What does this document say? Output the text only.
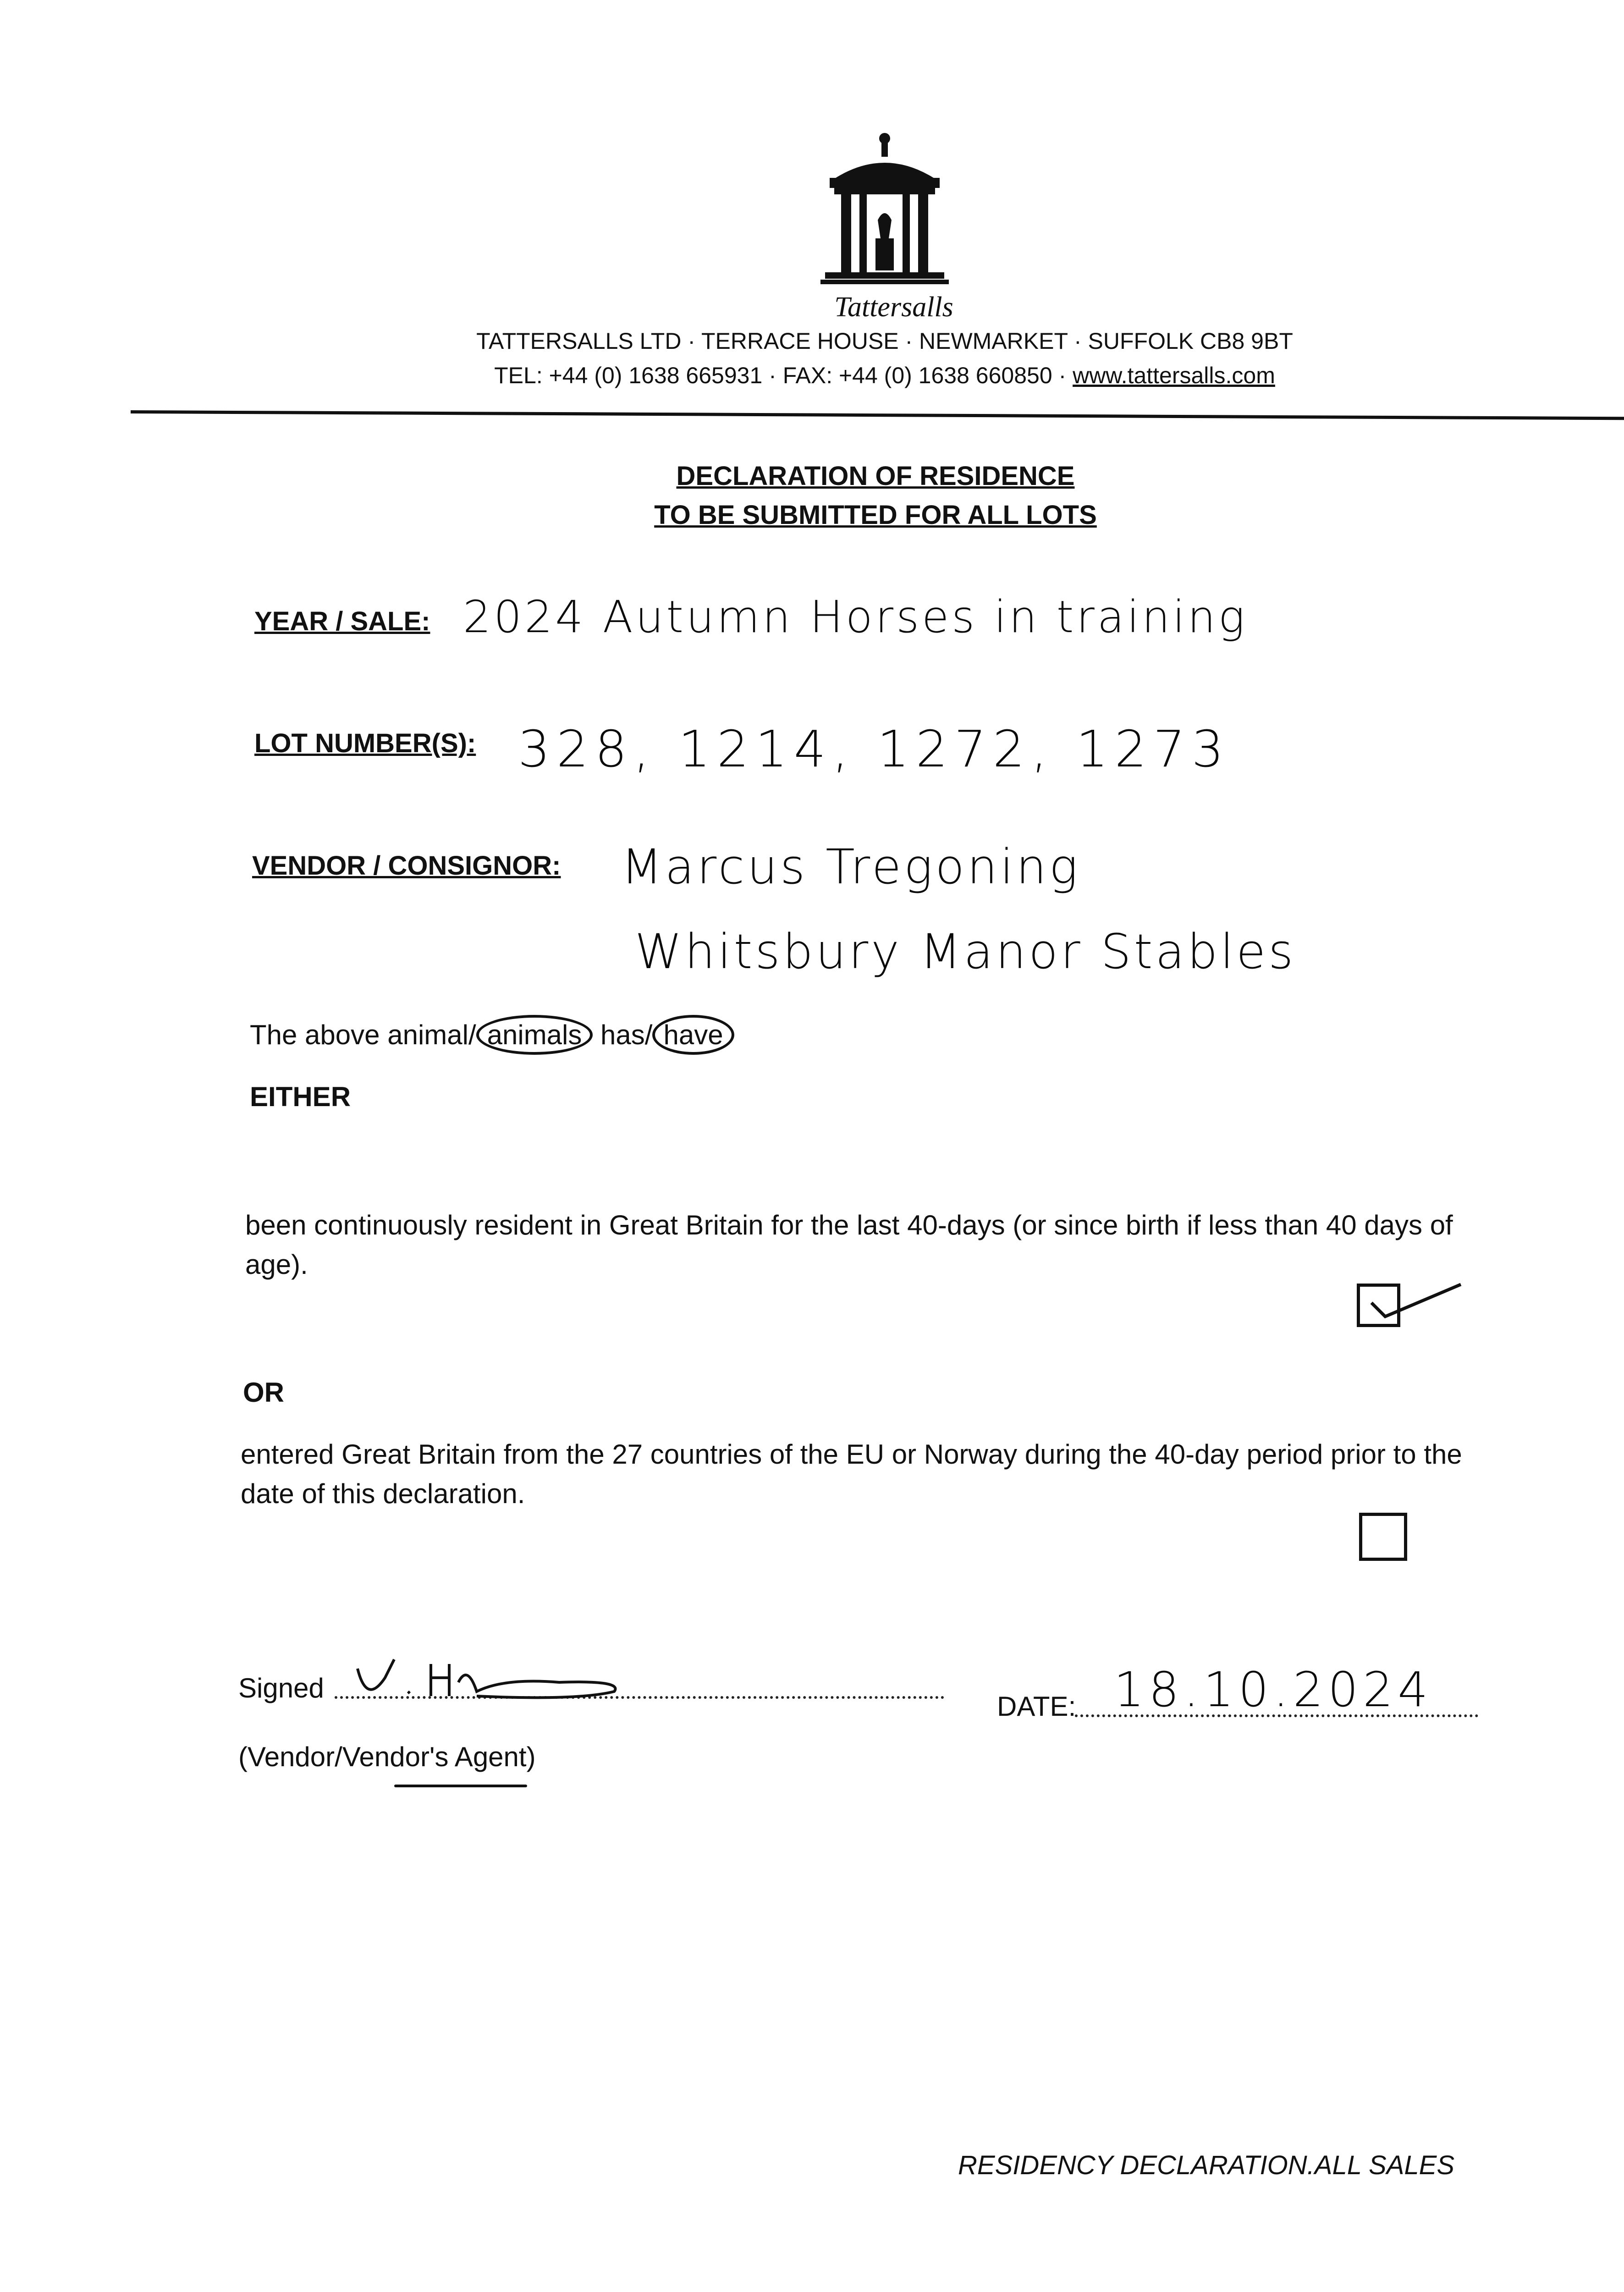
Tattersalls
TATTERSALLS LTD · TERRACE HOUSE · NEWMARKET · SUFFOLK CB8 9BT
TEL: +44 (0) 1638 665931 · FAX: +44 (0) 1638 660850 · www.tattersalls.com
DECLARATION OF RESIDENCE
TO BE SUBMITTED FOR ALL LOTS
YEAR / SALE: 2024 Autumn Horses in training
LOT NUMBER(S): 328, 1214, 1272, 1273
VENDOR / CONSIGNOR: Marcus Tregoning
Whitsbury Manor Stables
The above animal/ animals has/ have
EITHER
been continuously resident in Great Britain for the last 40-days (or since birth if less than 40 days of age).
OR
entered Great Britain from the 27 countries of the EU or Norway during the 40-day period prior to the date of this declaration.
Signed
DATE: 18.10.2024
(Vendor/Vendor's Agent)
RESIDENCY DECLARATION.ALL SALES
